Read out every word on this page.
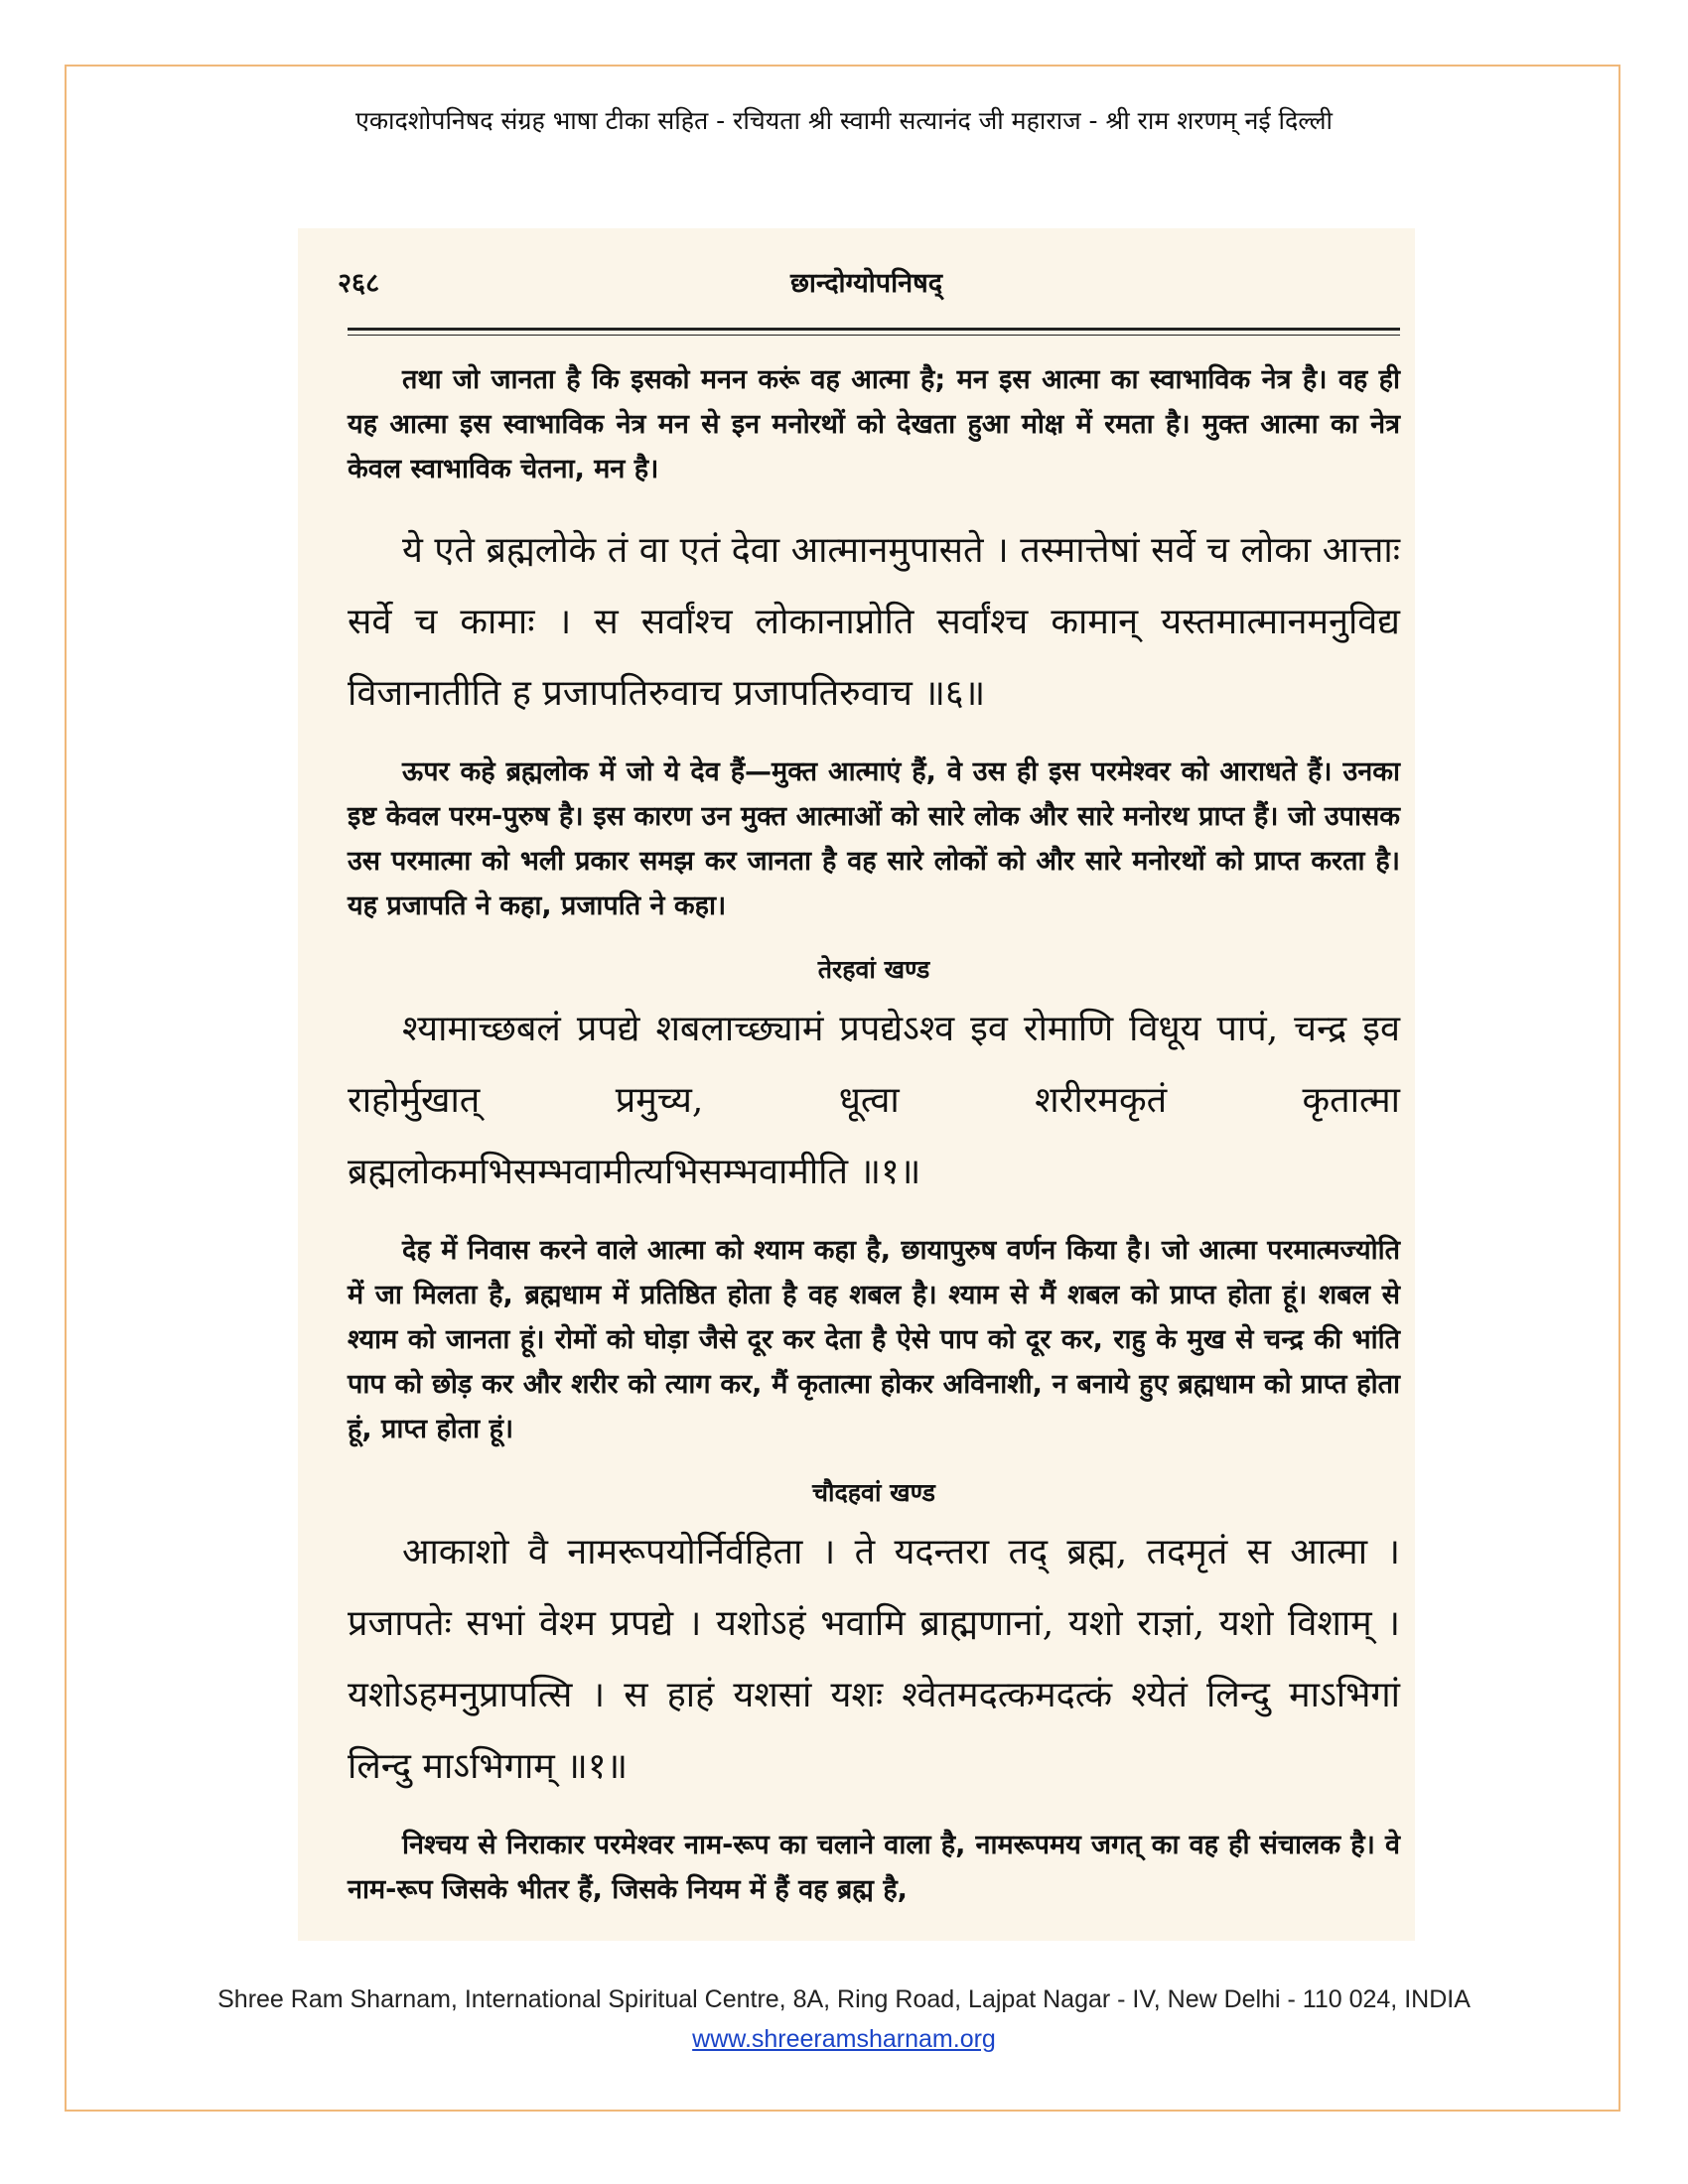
एकादशोपनिषद संग्रह भाषा टीका सहित - रचियता श्री स्वामी सत्यानंद जी महाराज - श्री राम शरणम् नई दिल्ली
२६८	छान्दोग्योपनिषद्

तथा जो जानता है कि इसको मनन करूं वह आत्मा है; मन इस आत्मा का स्वाभाविक नेत्र है। वह ही यह आत्मा इस स्वाभाविक नेत्र मन से इन मनोरथों को देखता हुआ मोक्ष में रमता है। मुक्त आत्मा का नेत्र केवल स्वाभाविक चेतना, मन है।

ये एते ब्रह्मलोके तं वा एतं देवा आत्मानमुपासते । तस्मात्तेषां सर्वे च लोका आत्ताः सर्वे च कामाः । स सर्वांश्च लोकानाप्नोति सर्वांश्च कामान् यस्तमात्मानमनुविद्य विजानातीति ह प्रजापतिरुवाच प्रजापतिरुवाच ॥६॥

ऊपर कहे ब्रह्मलोक में जो ये देव हैं—मुक्त आत्माएं हैं, वे उस ही इस परमेश्वर को आराधते हैं। उनका इष्ट केवल परम-पुरुष है। इस कारण उन मुक्त आत्माओं को सारे लोक और सारे मनोरथ प्राप्त हैं। जो उपासक उस परमात्मा को भली प्रकार समझ कर जानता है वह सारे लोकों को और सारे मनोरथों को प्राप्त करता है। यह प्रजापति ने कहा, प्रजापति ने कहा।

तेरहवां खण्ड

श्यामाच्छबलं प्रपद्ये शबलाच्छ्यामं प्रपद्येऽश्व इव रोमाणि विधूय पापं, चन्द्र इव राहोर्मुखात् प्रमुच्य, धूत्वा शरीरमकृतं कृतात्मा ब्रह्मलोकमभिसम्भवामीत्यभिसम्भवामीति ॥१॥

देह में निवास करने वाले आत्मा को श्याम कहा है, छायापुरुष वर्णन किया है। जो आत्मा परमात्मज्योति में जा मिलता है, ब्रह्मधाम में प्रतिष्ठित होता है वह शबल है। श्याम से मैं शबल को प्राप्त होता हूं। शबल से श्याम को जानता हूं। रोमों को घोड़ा जैसे दूर कर देता है ऐसे पाप को दूर कर, राहु के मुख से चन्द्र की भांति पाप को छोड़ कर और शरीर को त्याग कर, मैं कृतात्मा होकर अविनाशी, न बनाये हुए ब्रह्मधाम को प्राप्त होता हूं, प्राप्त होता हूं।

चौदहवां खण्ड

आकाशो वै नामरूपयोर्निर्वहिता । ते यदन्तरा तद् ब्रह्म, तदमृतं स आत्मा । प्रजापतेः सभां वेश्म प्रपद्ये । यशोऽहं भवामि ब्राह्मणानां, यशो राज्ञां, यशो विशाम् । यशोऽहमनुप्रापत्सि । स हाहं यशसां यशः श्वेतमदत्कमदत्कं श्येतं लिन्दु माऽभिगां लिन्दु माऽभिगाम् ॥१॥

निश्चय से निराकार परमेश्वर नाम-रूप का चलाने वाला है, नामरूपमय जगत् का वह ही संचालक है। वे नाम-रूप जिसके भीतर हैं, जिसके नियम में हैं वह ब्रह्म है,

Shree Ram Sharnam, International Spiritual Centre, 8A, Ring Road, Lajpat Nagar - IV, New Delhi - 110 024, INDIA
www.shreeramsharnam.org
